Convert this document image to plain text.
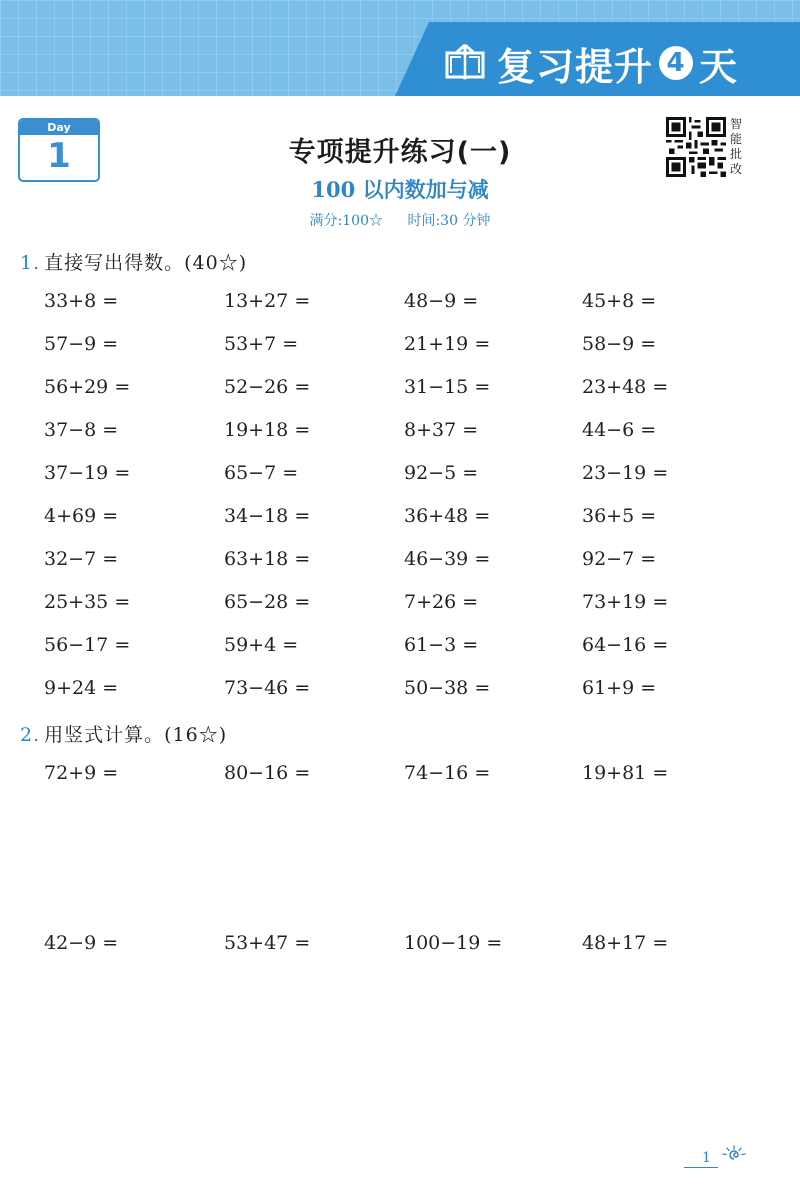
复习提升 4 天
Day
1	专项提升练习(一)
100 以内数加与减
满分:100☆ 时间:30 分钟
智能批改
1. 直接写出得数。(40☆)
33+8 =	13+27 =	48−9 =	45+8 =
57−9 =	53+7 =	21+19 =	58−9 =
56+29 =	52−26 =	31−15 =	23+48 =
37−8 =	19+18 =	8+37 =	44−6 =
37−19 =	65−7 =	92−5 =	23−19 =
4+69 =	34−18 =	36+48 =	36+5 =
32−7 =	63+18 =	46−39 =	92−7 =
25+35 =	65−28 =	7+26 =	73+19 =
56−17 =	59+4 =	61−3 =	64−16 =
9+24 =	73−46 =	50−38 =	61+9 =
2. 用竖式计算。(16☆)
72+9 =	80−16 =	74−16 =	19+81 =
42−9 =	53+47 =	100−19 =	48+17 =
1
